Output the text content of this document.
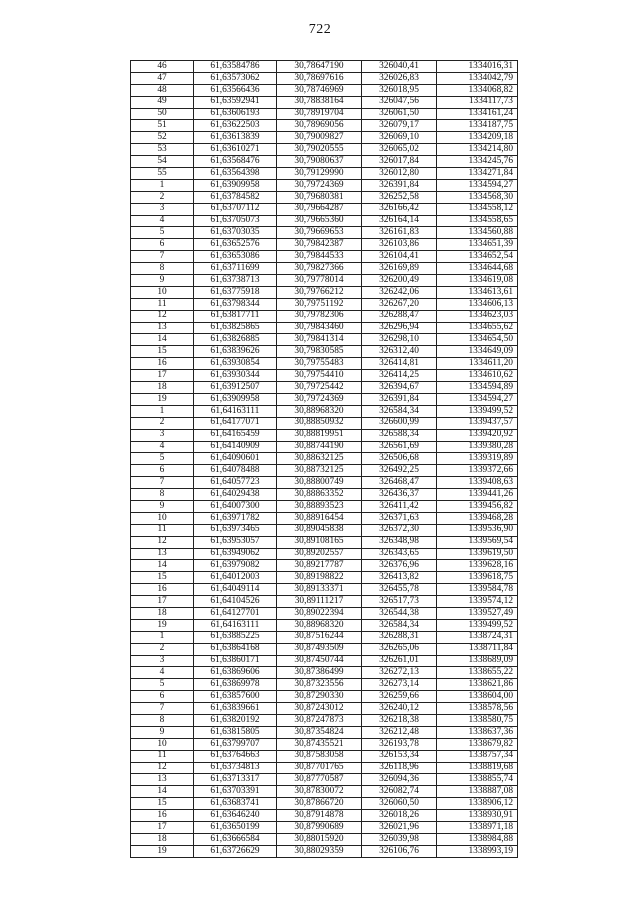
722
46	61,63584786	30,78647190	326040,41	1334016,31
47	61,63573062	30,78697616	326026,83	1334042,79
48	61,63566436	30,78746969	326018,95	1334068,82
49	61,63592941	30,78838164	326047,56	1334117,73
50	61,63606193	30,78919704	326061,50	1334161,24
51	61,63622503	30,78969056	326079,17	1334187,75
52	61,63613839	30,79009827	326069,10	1334209,18
53	61,63610271	30,79020555	326065,02	1334214,80
54	61,63568476	30,79080637	326017,84	1334245,76
55	61,63564398	30,79129990	326012,80	1334271,84
1	61,63909958	30,79724369	326391,84	1334594,27
2	61,63784582	30,79680381	326252,58	1334568,30
3	61,63707112	30,79664287	326166,42	1334558,12
4	61,63705073	30,79665360	326164,14	1334558,65
5	61,63703035	30,79669653	326161,83	1334560,88
6	61,63652576	30,79842387	326103,86	1334651,39
7	61,63653086	30,79844533	326104,41	1334652,54
8	61,63711699	30,79827366	326169,89	1334644,68
9	61,63738713	30,79778014	326200,49	1334619,08
10	61,63775918	30,79766212	326242,06	1334613,61
11	61,63798344	30,79751192	326267,20	1334606,13
12	61,63817711	30,79782306	326288,47	1334623,03
13	61,63825865	30,79843460	326296,94	1334655,62
14	61,63826885	30,79841314	326298,10	1334654,50
15	61,63839626	30,79830585	326312,40	1334649,09
16	61,63930854	30,79755483	326414,81	1334611,20
17	61,63930344	30,79754410	326414,25	1334610,62
18	61,63912507	30,79725442	326394,67	1334594,89
19	61,63909958	30,79724369	326391,84	1334594,27
1	61,64163111	30,88968320	326584,34	1339499,52
2	61,64177071	30,88850932	326600,99	1339437,57
3	61,64165459	30,88819951	326588,34	1339420,92
4	61,64140909	30,88744190	326561,69	1339380,28
5	61,64090601	30,88632125	326506,68	1339319,89
6	61,64078488	30,88732125	326492,25	1339372,66
7	61,64057723	30,88800749	326468,47	1339408,63
8	61,64029438	30,88863352	326436,37	1339441,26
9	61,64007300	30,88893523	326411,42	1339456,82
10	61,63971782	30,88916454	326371,63	1339468,28
11	61,63973465	30,89045838	326372,30	1339536,90
12	61,63953057	30,89108165	326348,98	1339569,54
13	61,63949062	30,89202557	326343,65	1339619,50
14	61,63979082	30,89217787	326376,96	1339628,16
15	61,64012003	30,89198822	326413,82	1339618,75
16	61,64049114	30,89133371	326455,78	1339584,78
17	61,64104526	30,89111217	326517,73	1339574,12
18	61,64127701	30,89022394	326544,38	1339527,49
19	61,64163111	30,88968320	326584,34	1339499,52
1	61,63885225	30,87516244	326288,31	1338724,31
2	61,63864168	30,87493509	326265,06	1338711,84
3	61,63860171	30,87450744	326261,01	1338689,09
4	61,63869606	30,87386499	326272,13	1338655,22
5	61,63869978	30,87323556	326273,14	1338621,86
6	61,63857600	30,87290330	326259,66	1338604,00
7	61,63839661	30,87243012	326240,12	1338578,56
8	61,63820192	30,87247873	326218,38	1338580,75
9	61,63815805	30,87354824	326212,48	1338637,36
10	61,63799707	30,87435521	326193,78	1338679,82
11	61,63764663	30,87583058	326153,34	1338757,34
12	61,63734813	30,87701765	326118,96	1338819,68
13	61,63713317	30,87770587	326094,36	1338855,74
14	61,63703391	30,87830072	326082,74	1338887,08
15	61,63683741	30,87866720	326060,50	1338906,12
16	61,63646240	30,87914878	326018,26	1338930,91
17	61,63650199	30,87990689	326021,96	1338971,18
18	61,63666584	30,88015920	326039,98	1338984,88
19	61,63726629	30,88029359	326106,76	1338993,19
